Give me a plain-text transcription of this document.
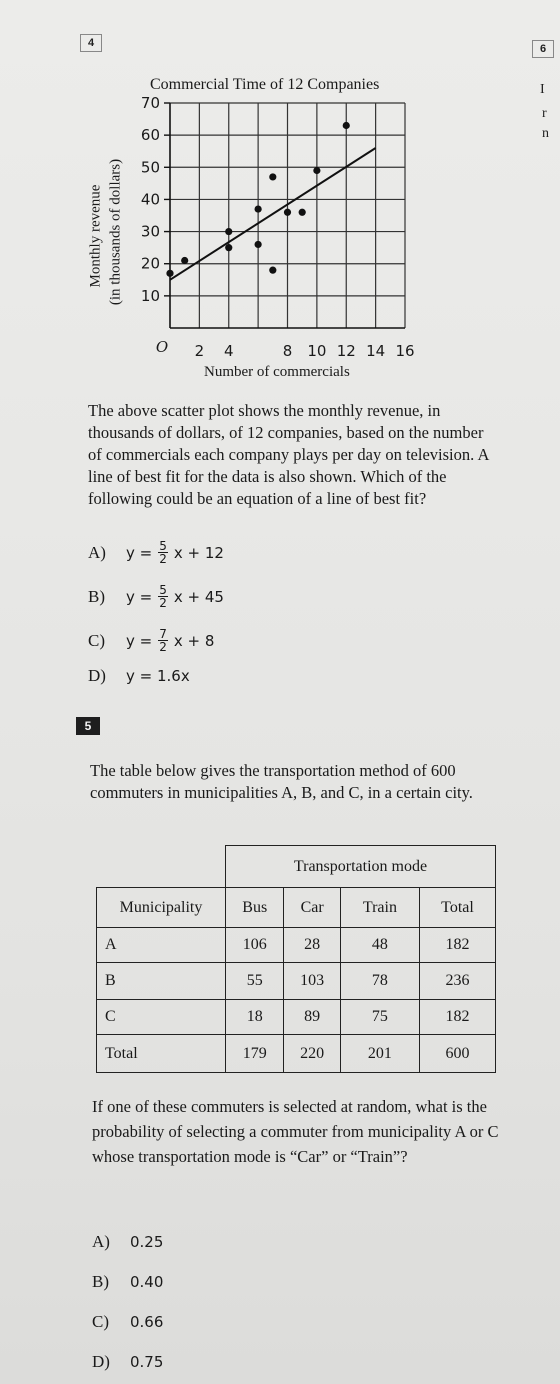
4	6
I
r
n
Commercial Time of 12 Companies
Monthly revenue (in thousands of dollars) 10
20
30
40
50
60
70
2 4	8 10 12 14 16
O
Number of commercials
The above scatter plot shows the monthly revenue, in thousands of dollars, of 12 companies, based on the number of commercials each company plays per day on television. A line of best fit for the data is also shown. Which of the following could be an equation of a line of best fit?
A)	$y = \frac{5}{2}$ x + 12
B)	$y = \frac{5}{2}$ x + 45
C)	$y = \frac{7}{2}$ x + 8
D)	y = 1.6x
5
The table below gives the transportation method of 600 commuters in municipalities A, B, and C, in a certain city.
	Transportation mode			
Municipality	Bus	Car	Train	Total
A	106	28	48	182
B	55	103	78	236
C	18	89	75	182
Total	179	220	201	600
If one of these commuters is selected at random, what is the probability of selecting a commuter from municipality A or C whose transportation mode is “Car” or “Train”?
A)	0.25
B)	0.40
C)	0.66
D)	0.75
